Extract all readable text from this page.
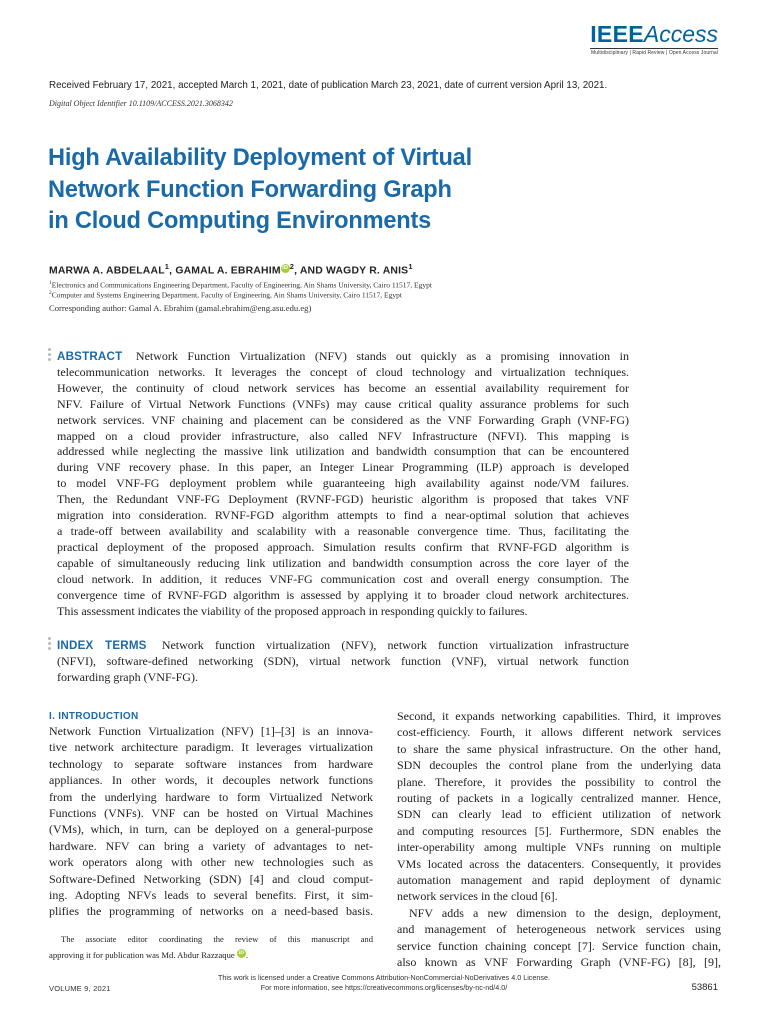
IEEEAccess
Multidisciplinary | Rapid Review | Open Access Journal
Received February 17, 2021, accepted March 1, 2021, date of publication March 23, 2021, date of current version April 13, 2021.
Digital Object Identifier 10.1109/ACCESS.2021.3068342
High Availability Deployment of Virtual
Network Function Forwarding Graph
in Cloud Computing Environments
MARWA A. ABDELAAL$^1$, GAMAL A. EBRAHIM iD $^2$, AND WAGDY R. ANIS$^1$
$^1$Electronics and Communications Engineering Department, Faculty of Engineering, Ain Shams University, Cairo 11517, Egypt
$^2$Computer and Systems Engineering Department, Faculty of Engineering, Ain Shams University, Cairo 11517, Egypt
Corresponding author: Gamal A. Ebrahim (gamal.ebrahim@eng.asu.edu.eg)
ABSTRACT Network Function Virtualization (NFV) stands out quickly as a promising innovation in
telecommunication networks. It leverages the concept of cloud technology and virtualization techniques.
However, the continuity of cloud network services has become an essential availability requirement for
NFV. Failure of Virtual Network Functions (VNFs) may cause critical quality assurance problems for such
network services. VNF chaining and placement can be considered as the VNF Forwarding Graph (VNF-FG)
mapped on a cloud provider infrastructure, also called NFV Infrastructure (NFVI). This mapping is
addressed while neglecting the massive link utilization and bandwidth consumption that can be encountered
during VNF recovery phase. In this paper, an Integer Linear Programming (ILP) approach is developed
to model VNF-FG deployment problem while guaranteeing high availability against node/VM failures.
Then, the Redundant VNF-FG Deployment (RVNF-FGD) heuristic algorithm is proposed that takes VNF
migration into consideration. RVNF-FGD algorithm attempts to find a near-optimal solution that achieves
a trade-off between availability and scalability with a reasonable convergence time. Thus, facilitating the
practical deployment of the proposed approach. Simulation results confirm that RVNF-FGD algorithm is
capable of simultaneously reducing link utilization and bandwidth consumption across the core layer of the
cloud network. In addition, it reduces VNF-FG communication cost and overall energy consumption. The
convergence time of RVNF-FGD algorithm is assessed by applying it to broader cloud network architectures.
This assessment indicates the viability of the proposed approach in responding quickly to failures.
INDEX TERMS Network function virtualization (NFV), network function virtualization infrastructure
(NFVI), software-defined networking (SDN), virtual network function (VNF), virtual network function
forwarding graph (VNF-FG).
I. INTRODUCTION
Network Function Virtualization (NFV) [1]–[3] is an innova-
tive network architecture paradigm. It leverages virtualization
technology to separate software instances from hardware
appliances. In other words, it decouples network functions
from the underlying hardware to form Virtualized Network
Functions (VNFs). VNF can be hosted on Virtual Machines
(VMs), which, in turn, can be deployed on a general-purpose
hardware. NFV can bring a variety of advantages to net-
work operators along with other new technologies such as
Software-Defined Networking (SDN) [4] and cloud comput-
ing. Adopting NFVs leads to several benefits. First, it sim-
plifies the programming of networks on a need-based basis.
The associate editor coordinating the review of this manuscript and
approving it for publication was Md. Abdur Razzaque iD .
Second, it expands networking capabilities. Third, it improves
cost-efficiency. Fourth, it allows different network services
to share the same physical infrastructure. On the other hand,
SDN decouples the control plane from the underlying data
plane. Therefore, it provides the possibility to control the
routing of packets in a logically centralized manner. Hence,
SDN can clearly lead to efficient utilization of network
and computing resources [5]. Furthermore, SDN enables the
inter-operability among multiple VNFs running on multiple
VMs located across the datacenters. Consequently, it provides
automation management and rapid deployment of dynamic
network services in the cloud [6].
NFV adds a new dimension to the design, deployment,
and management of heterogeneous network services using
service function chaining concept [7]. Service function chain,
also known as VNF Forwarding Graph (VNF-FG) [8], [9],
This work is licensed under a Creative Commons Attribution-NonCommercial-NoDerivatives 4.0 License.
For more information, see https://creativecommons.org/licenses/by-nc-nd/4.0/
VOLUME 9, 2021	53861
